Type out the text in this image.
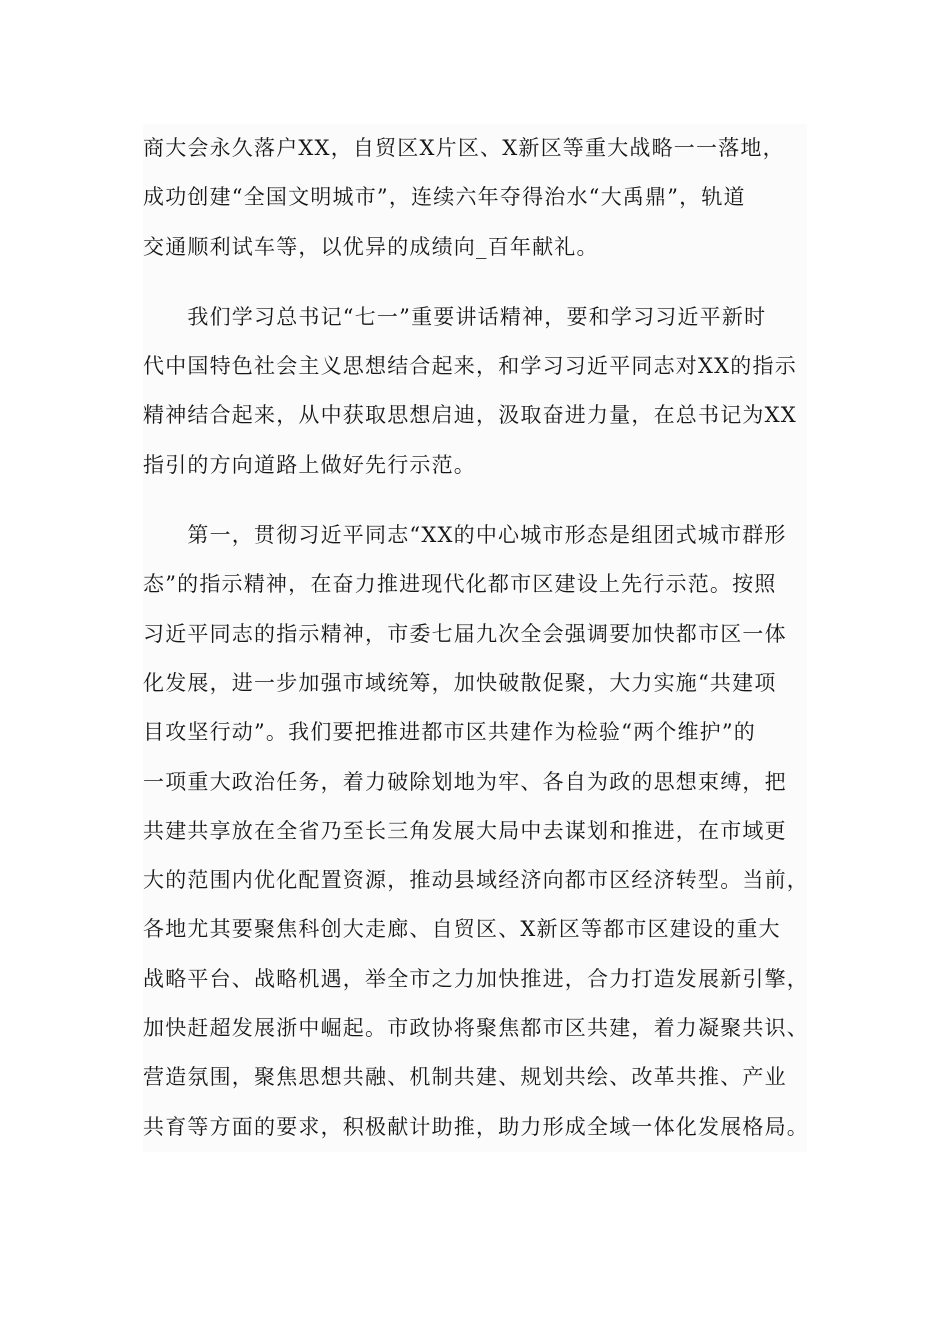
商大会永久落户XX，自贸区X片区、X新区等重大战略一一落地，
成功创建“全国文明城市”，连续六年夺得治水“大禹鼎”，轨道
交通顺利试车等，以优异的成绩向_百年献礼。
　　我们学习总书记“七一”重要讲话精神，要和学习习近平新时
代中国特色社会主义思想结合起来，和学习习近平同志对XX的指示
精神结合起来，从中获取思想启迪，汲取奋进力量，在总书记为XX
指引的方向道路上做好先行示范。
　　第一，贯彻习近平同志“XX的中心城市形态是组团式城市群形
态”的指示精神，在奋力推进现代化都市区建设上先行示范。按照
习近平同志的指示精神，市委七届九次全会强调要加快都市区一体
化发展，进一步加强市域统筹，加快破散促聚，大力实施“共建项
目攻坚行动”。我们要把推进都市区共建作为检验“两个维护”的
一项重大政治任务，着力破除划地为牢、各自为政的思想束缚，把
共建共享放在全省乃至长三角发展大局中去谋划和推进，在市域更
大的范围内优化配置资源，推动县域经济向都市区经济转型。当前，
各地尤其要聚焦科创大走廊、自贸区、X新区等都市区建设的重大
战略平台、战略机遇，举全市之力加快推进，合力打造发展新引擎，
加快赶超发展浙中崛起。市政协将聚焦都市区共建，着力凝聚共识、
营造氛围，聚焦思想共融、机制共建、规划共绘、改革共推、产业
共育等方面的要求，积极献计助推，助力形成全域一体化发展格局。
